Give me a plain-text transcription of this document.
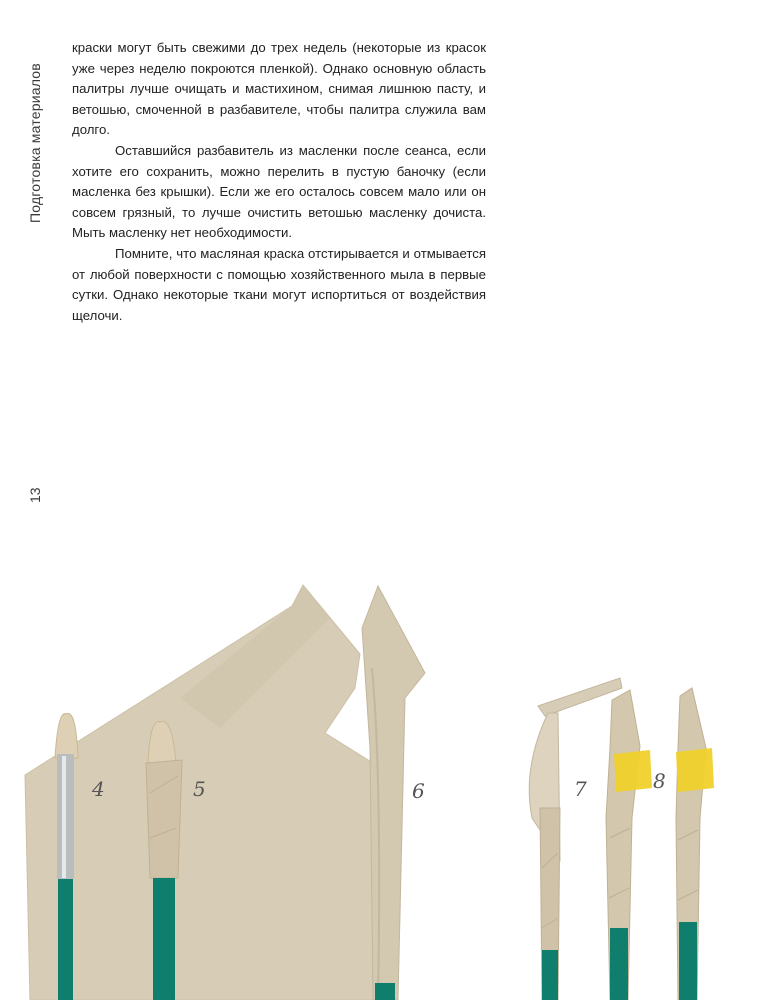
Подготовка материалов
13

краски могут быть свежими до трех недель (некоторые из красок уже через неделю покроются пленкой). Однако основную область палитры лучше очищать и мастихином, снимая лишнюю пасту, и ветошью, смоченной в разбавителе, чтобы палитра служила вам долго.

Оставшийся разбавитель из масленки после сеанса, если хотите его сохранить, можно перелить в пустую баночку (если масленка без крышки). Если же его осталось совсем мало или он совсем грязный, то лучше очистить ветошью масленку дочиста. Мыть масленку нет необходимости.

Помните, что масляная краска отстирывается и отмывается от любой поверхности с помощью хозяйственного мыла в первые сутки. Однако некоторые ткани могут испортиться от воздействия щелочи.

4	5	6	7	8
